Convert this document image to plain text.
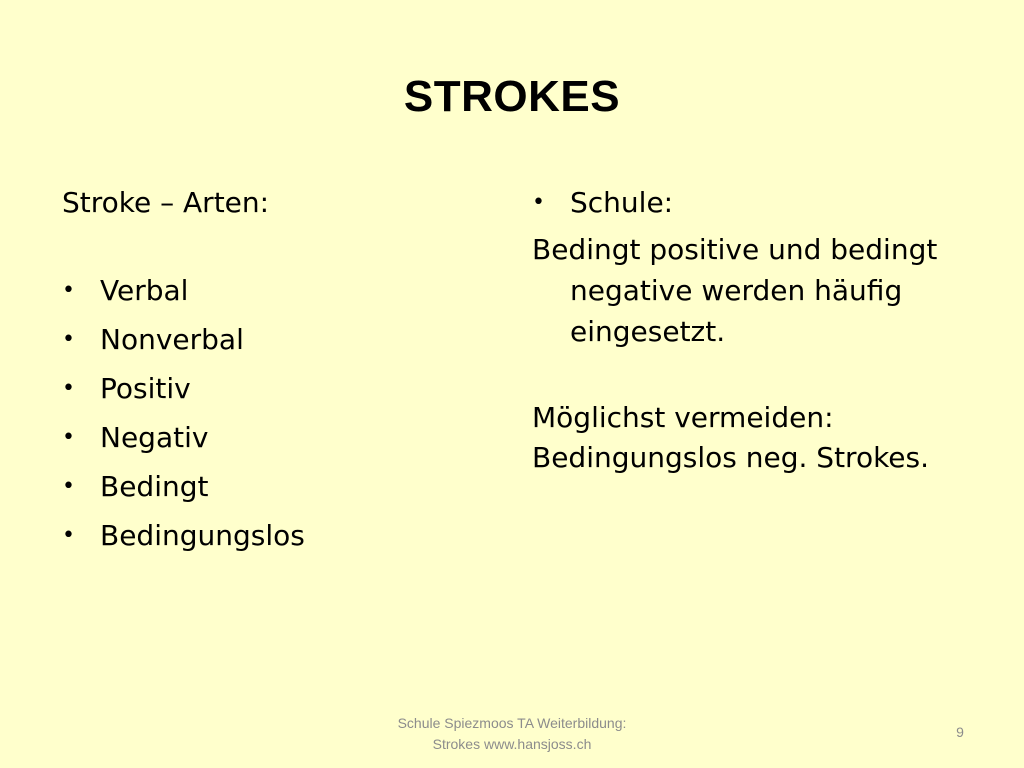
STROKES

Stroke – Arten:

• Verbal
• Nonverbal
• Positiv
• Negativ
• Bedingt
• Bedingungslos
• Schule:

Bedingt positive und bedingt negative werden häufig eingesetzt.

Möglichst vermeiden:

Bedingungslos neg. Strokes.

Schule Spiezmoos TA Weiterbildung:
Strokes www.hansjoss.ch
9
